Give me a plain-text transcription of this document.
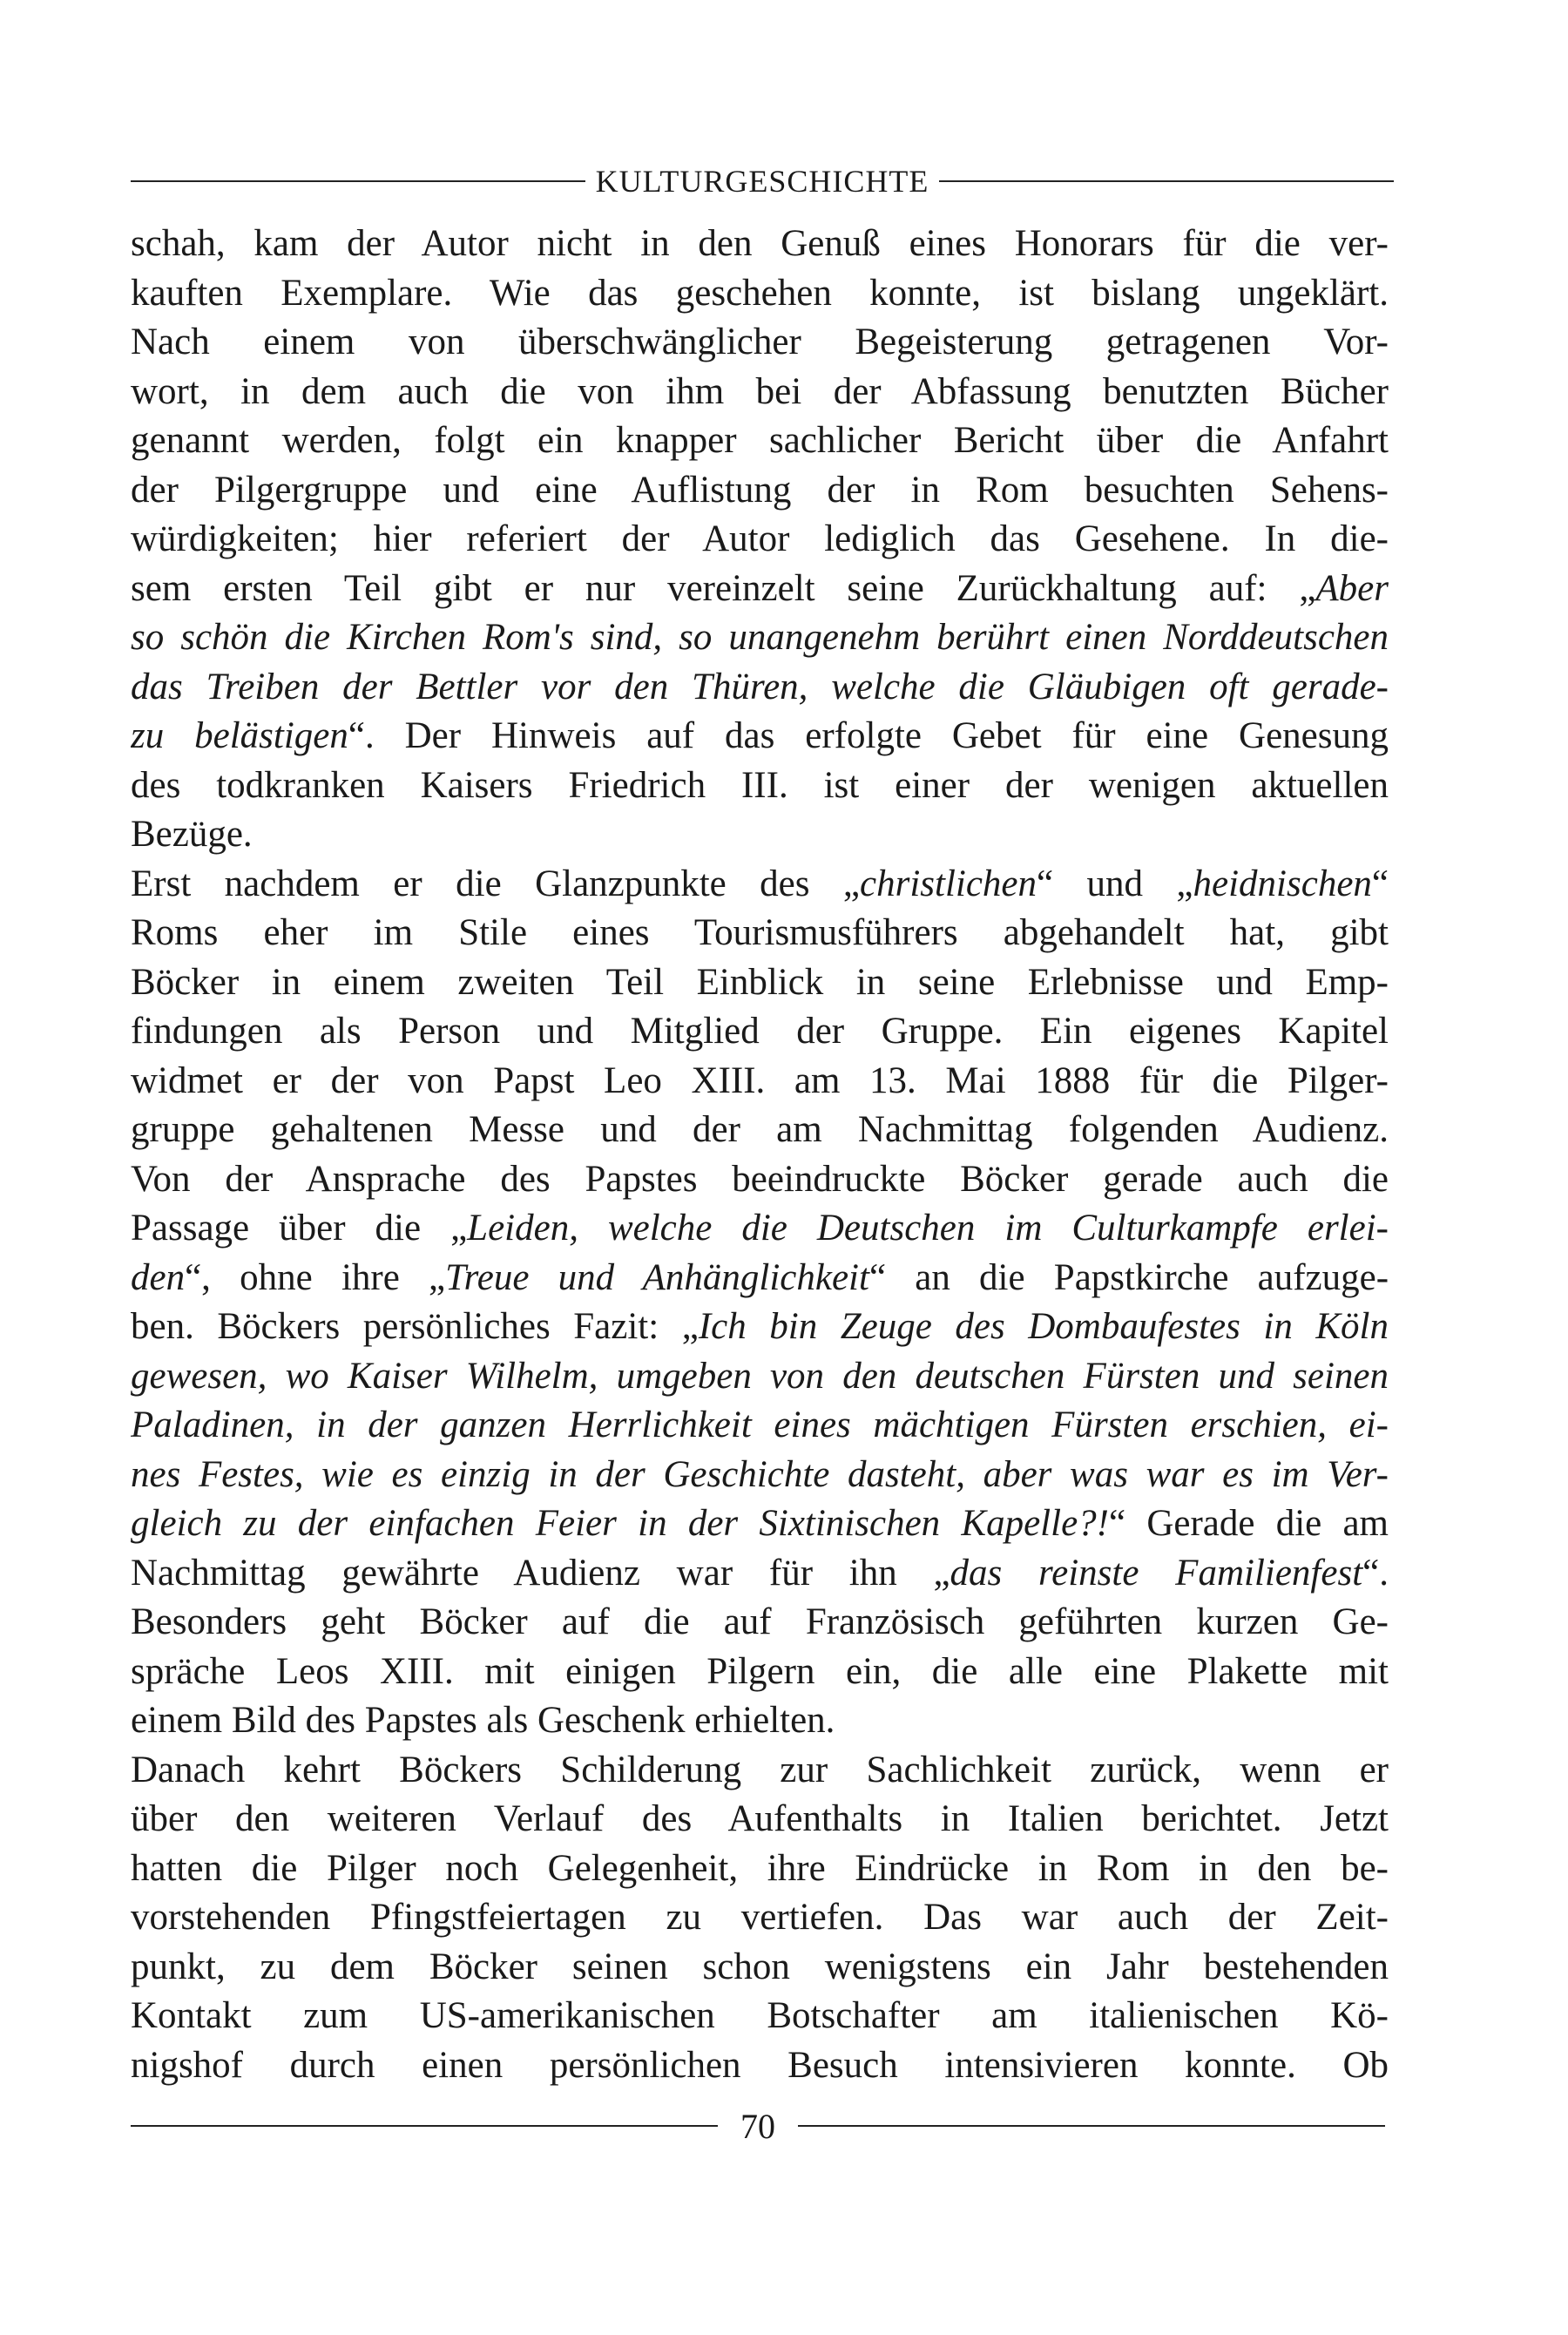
KULTURGESCHICHTE
schah, kam der Autor nicht in den Genuß eines Honorars für die ver-
kauften Exemplare. Wie das geschehen konnte, ist bislang ungeklärt.
Nach einem von überschwänglicher Begeisterung getragenen Vor-
wort, in dem auch die von ihm bei der Abfassung benutzten Bücher
genannt werden, folgt ein knapper sachlicher Bericht über die Anfahrt
der Pilgergruppe und eine Auflistung der in Rom besuchten Sehens-
würdigkeiten; hier referiert der Autor lediglich das Gesehene. In die-
sem ersten Teil gibt er nur vereinzelt seine Zurückhaltung auf: „Aber
so schön die Kirchen Rom's sind, so unangenehm berührt einen Norddeutschen
das Treiben der Bettler vor den Thüren, welche die Gläubigen oft gerade-
zu belästigen“. Der Hinweis auf das erfolgte Gebet für eine Genesung
des todkranken Kaisers Friedrich III. ist einer der wenigen aktuellen
Bezüge.
Erst nachdem er die Glanzpunkte des „christlichen“ und „heidnischen“
Roms eher im Stile eines Tourismusführers abgehandelt hat, gibt
Böcker in einem zweiten Teil Einblick in seine Erlebnisse und Emp-
findungen als Person und Mitglied der Gruppe. Ein eigenes Kapitel
widmet er der von Papst Leo XIII. am 13. Mai 1888 für die Pilger-
gruppe gehaltenen Messe und der am Nachmittag folgenden Audienz.
Von der Ansprache des Papstes beeindruckte Böcker gerade auch die
Passage über die „Leiden, welche die Deutschen im Culturkampfe erlei-
den“, ohne ihre „Treue und Anhänglichkeit“ an die Papstkirche aufzuge-
ben. Böckers persönliches Fazit: „Ich bin Zeuge des Dombaufestes in Köln
gewesen, wo Kaiser Wilhelm, umgeben von den deutschen Fürsten und seinen
Paladinen, in der ganzen Herrlichkeit eines mächtigen Fürsten erschien, ei-
nes Festes, wie es einzig in der Geschichte dasteht, aber was war es im Ver-
gleich zu der einfachen Feier in der Sixtinischen Kapelle?!“ Gerade die am
Nachmittag gewährte Audienz war für ihn „das reinste Familienfest“.
Besonders geht Böcker auf die auf Französisch geführten kurzen Ge-
spräche Leos XIII. mit einigen Pilgern ein, die alle eine Plakette mit
einem Bild des Papstes als Geschenk erhielten.
Danach kehrt Böckers Schilderung zur Sachlichkeit zurück, wenn er
über den weiteren Verlauf des Aufenthalts in Italien berichtet. Jetzt
hatten die Pilger noch Gelegenheit, ihre Eindrücke in Rom in den be-
vorstehenden Pfingstfeiertagen zu vertiefen. Das war auch der Zeit-
punkt, zu dem Böcker seinen schon wenigstens ein Jahr bestehenden
Kontakt zum US-amerikanischen Botschafter am italienischen Kö-
nigshof durch einen persönlichen Besuch intensivieren konnte. Ob
70
